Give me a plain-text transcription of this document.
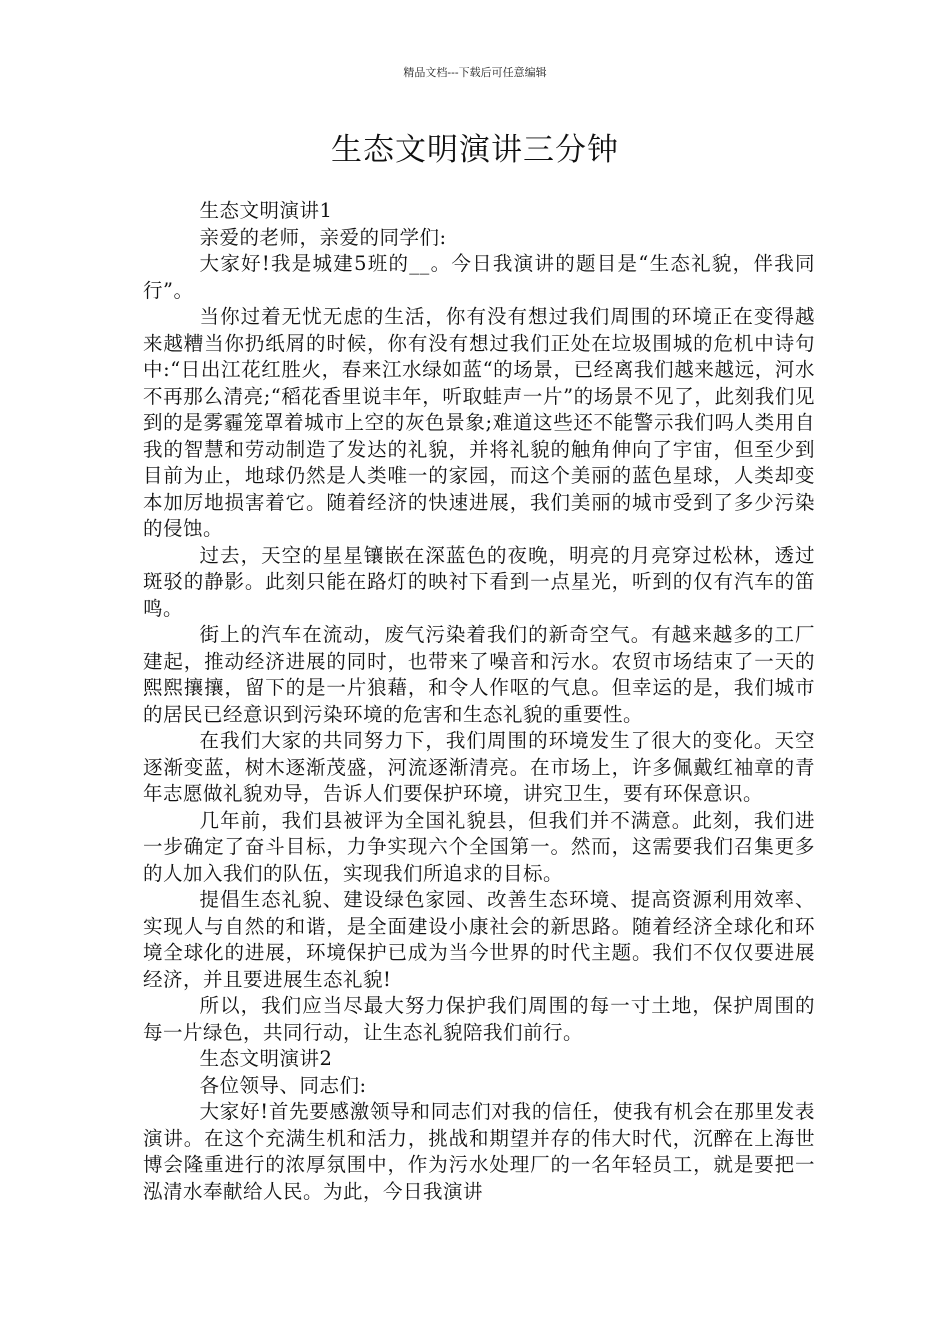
精品文档---下载后可任意编辑
生态文明演讲三分钟

生态文明演讲1

亲爱的老师，亲爱的同学们:

大家好!我是城建5班的__。今日我演讲的题目是“生态礼貌，伴我同行”。

当你过着无忧无虑的生活，你有没有想过我们周围的环境正在变得越来越糟当你扔纸屑的时候，你有没有想过我们正处在垃圾围城的危机中诗句中:“日出江花红胜火，春来江水绿如蓝“的场景，已经离我们越来越远，河水不再那么清亮;“稻花香里说丰年，听取蛙声一片”的场景不见了，此刻我们见到的是雾霾笼罩着城市上空的灰色景象;难道这些还不能警示我们吗人类用自我的智慧和劳动制造了发达的礼貌，并将礼貌的触角伸向了宇宙，但至少到目前为止，地球仍然是人类唯一的家园，而这个美丽的蓝色星球，人类却变本加厉地损害着它。随着经济的快速进展，我们美丽的城市受到了多少污染的侵蚀。

过去，天空的星星镶嵌在深蓝色的夜晚，明亮的月亮穿过松林，透过斑驳的静影。此刻只能在路灯的映衬下看到一点星光，听到的仅有汽车的笛鸣。

街上的汽车在流动，废气污染着我们的新奇空气。有越来越多的工厂建起，推动经济进展的同时，也带来了噪音和污水。农贸市场结束了一天的熙熙攘攘，留下的是一片狼藉，和令人作呕的气息。但幸运的是，我们城市的居民已经意识到污染环境的危害和生态礼貌的重要性。

在我们大家的共同努力下，我们周围的环境发生了很大的变化。天空逐渐变蓝，树木逐渐茂盛，河流逐渐清亮。在市场上，许多佩戴红袖章的青年志愿做礼貌劝导，告诉人们要保护环境，讲究卫生，要有环保意识。

几年前，我们县被评为全国礼貌县，但我们并不满意。此刻，我们进一步确定了奋斗目标，力争实现六个全国第一。然而，这需要我们召集更多的人加入我们的队伍，实现我们所追求的目标。

提倡生态礼貌、建设绿色家园、改善生态环境、提高资源利用效率、实现人与自然的和谐，是全面建设小康社会的新思路。随着经济全球化和环境全球化的进展，环境保护已成为当今世界的时代主题。我们不仅仅要进展经济，并且要进展生态礼貌!

所以，我们应当尽最大努力保护我们周围的每一寸土地，保护周围的每一片绿色，共同行动，让生态礼貌陪我们前行。

生态文明演讲2

各位领导、同志们:

大家好!首先要感激领导和同志们对我的信任，使我有机会在那里发表演讲。在这个充满生机和活力，挑战和期望并存的伟大时代，沉醉在上海世博会隆重进行的浓厚氛围中，作为污水处理厂的一名年轻员工，就是要把一泓清水奉献给人民。为此，今日我演讲
